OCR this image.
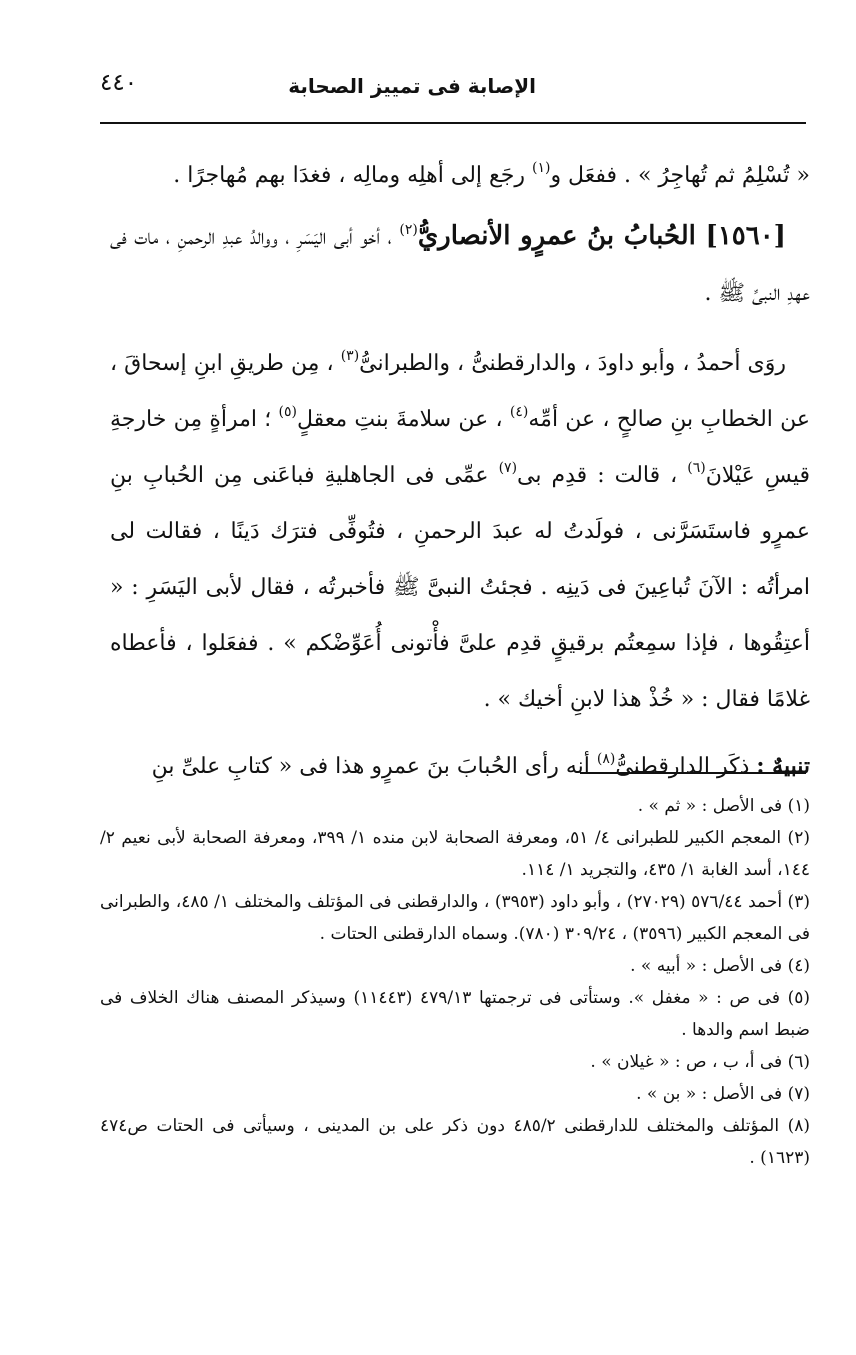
الإصابة فى تمييز الصحابة
٤٤٠

« تُسْلِمُ ثم تُهاجِرُ » . ففعَل و$^{(١)}$ رجَع إلى أهلِه ومالِه ، فغدَا بهم مُهاجرًا .

[١٥٦٠] الحُبابُ بنُ عمرٍو الأنصاريُّ$^{(٢)}$ ، أخو أبى اليَسَرِ ، ووالدُ عبدِ الرحمنِ ، مات فى عهدِ النبىِّ ﷺ .

روَى أحمدُ ، وأبو داودَ ، والدارقطنىُّ ، والطبرانىُّ$^{(٣)}$ ، مِن طريقِ ابنِ إسحاقَ ، عن الخطابِ بنِ صالحٍ ، عن أمِّه$^{(٤)}$ ، عن سلامةَ بنتِ معقلٍ$^{(٥)}$ ؛ امرأةٍ مِن خارجةِ قيسِ عَيْلانَ$^{(٦)}$ ، قالت : قدِم بى$^{(٧)}$ عمِّى فى الجاهليةِ فباعَنى مِن الحُبابِ بنِ عمرٍو فاستَسَرَّنى ، فولَدتُ له عبدَ الرحمنِ ، فتُوفِّى فترَك دَينًا ، فقالت لى امرأتُه : الآنَ تُباعِينَ فى دَينِه . فجئتُ النبىَّ ﷺ فأخبرتُه ، فقال لأبى اليَسَرِ : « أعتِقُوها ، فإذا سمِعتُم برقيقٍ قدِم علىَّ فأْتونى أُعَوِّضْكم » . ففعَلوا ، فأعطاه غلامًا فقال : « خُذْ هذا لابنِ أخيك » .

تنبيهٌ : ذكَر الدارقطنىُّ$^{(٨)}$ أنه رأى الحُبابَ بنَ عمرٍو هذا فى « كتابِ علىِّ بنِ

(١) فى الأصل : « ثم » .

(٢) المعجم الكبير للطبرانى ٤/ ٥١، ومعرفة الصحابة لابن منده ١/ ٣٩٩، ومعرفة الصحابة لأبى نعيم ٢/ ١٤٤، أسد الغابة ١/ ٤٣٥، والتجريد ١/ ١١٤.

(٣) أحمد ٥٧٦/٤٤ (٢٧٠٢٩) ، وأبو داود (٣٩٥٣) ، والدارقطنى فى المؤتلف والمختلف ١/ ٤٨٥، والطبرانى فى المعجم الكبير (٣٥٩٦) ، ٣٠٩/٢٤ (٧٨٠). وسماه الدارقطنى الحتات .

(٤) فى الأصل : « أبيه » .

(٥) فى ص : « مغفل ». وستأتى فى ترجمتها ٤٧٩/١٣ (١١٤٤٣) وسيذكر المصنف هناك الخلاف فى ضبط اسم والدها .

(٦) فى أ، ب ، ص : « غيلان » .

(٧) فى الأصل : « بن » .

(٨) المؤتلف والمختلف للدارقطنى ٤٨٥/٢ دون ذكر على بن المدينى ، وسيأتى فى الحتات ص٤٧٤ (١٦٢٣) .
